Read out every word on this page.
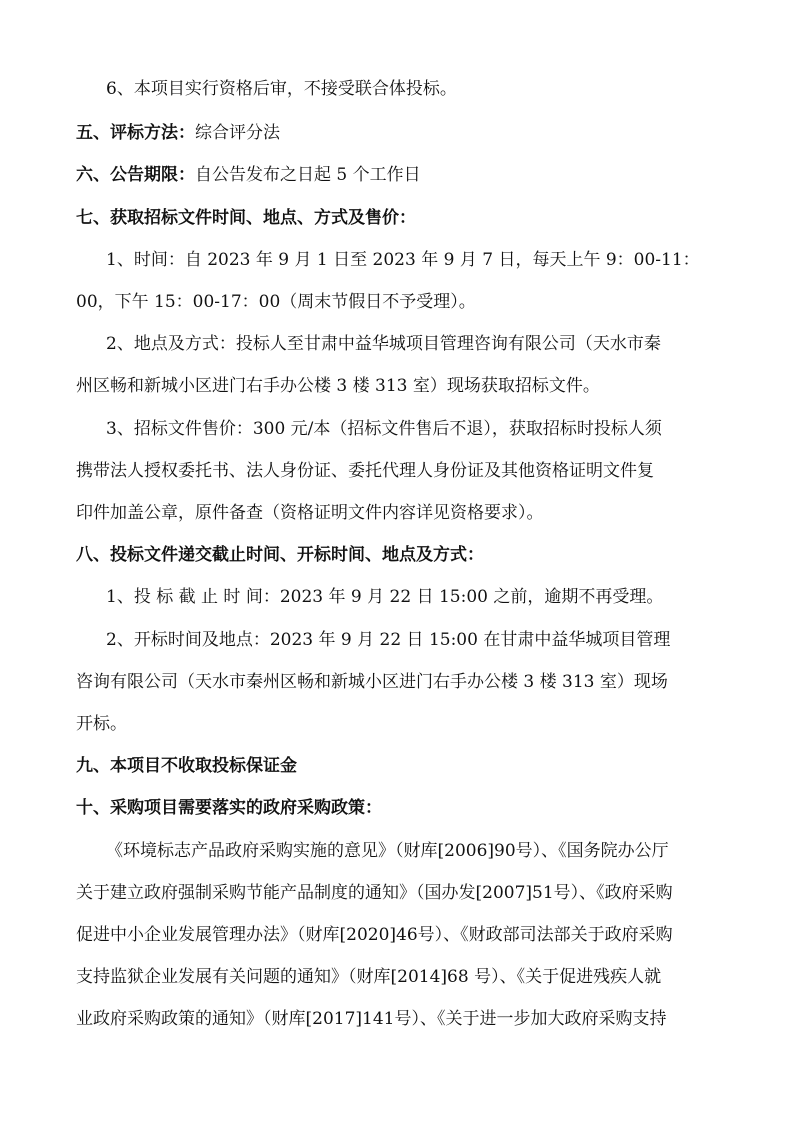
6、本项目实行资格后审，不接受联合体投标。
五、评标方法：综合评分法
六、公告期限：自公告发布之日起 5 个工作日
七、获取招标文件时间、地点、方式及售价：
1、时间：自 2023 年 9 月 1 日至 2023 年 9 月 7 日，每天上午 9：00-11：
00，下午 15：00-17：00（周末节假日不予受理）。
2、地点及方式：投标人至甘肃中益华城项目管理咨询有限公司（天水市秦
州区畅和新城小区进门右手办公楼 3 楼 313 室）现场获取招标文件。
3、招标文件售价：300 元/本（招标文件售后不退），获取招标时投标人须
携带法人授权委托书、法人身份证、委托代理人身份证及其他资格证明文件复
印件加盖公章，原件备查（资格证明文件内容详见资格要求）。
八、投标文件递交截止时间、开标时间、地点及方式：
1、投 标 截 止 时 间：2023 年 9 月 22 日 15:00 之前，逾期不再受理。
2、开标时间及地点：2023 年 9 月 22 日 15:00 在甘肃中益华城项目管理
咨询有限公司（天水市秦州区畅和新城小区进门右手办公楼 3 楼 313 室）现场
开标。
九、本项目不收取投标保证金
十、采购项目需要落实的政府采购政策：
《环境标志产品政府采购实施的意见》（财库[2006]90号）、《国务院办公厅
关于建立政府强制采购节能产品制度的通知》（国办发[2007]51号）、《政府采购
促进中小企业发展管理办法》（财库[2020]46号）、《财政部司法部关于政府采购
支持监狱企业发展有关问题的通知》（财库[2014]68 号）、《关于促进残疾人就
业政府采购政策的通知》（财库[2017]141号）、《关于进一步加大政府采购支持
